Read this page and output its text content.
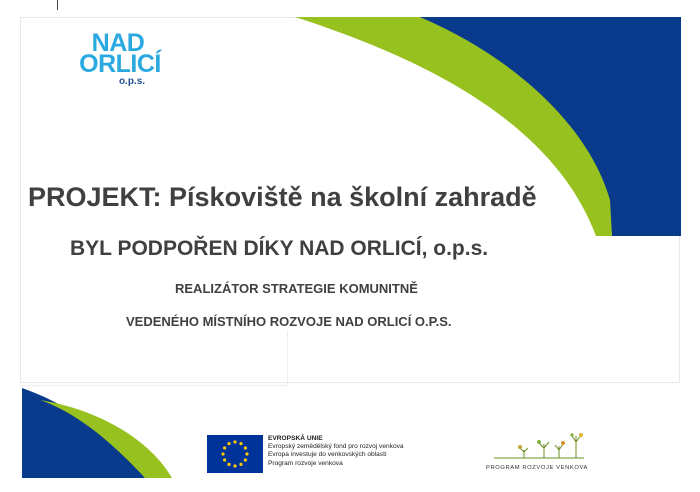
NAD
ORLICÍ
o.p.s.
PROJEKT: Pískoviště na školní zahradě
BYL PODPOŘEN DÍKY NAD ORLICÍ, o.p.s.
REALIZÁTOR STRATEGIE KOMUNITNĚ
VEDENÉHO MÍSTNÍHO ROZVOJE NAD ORLICÍ O.P.S.
EVROPSKÁ UNIE
Evropský zemědělský fond pro rozvoj venkova
Evropa investuje do venkovských oblastí
Program rozvoje venkova
PROGRAM ROZVOJE VENKOVA
